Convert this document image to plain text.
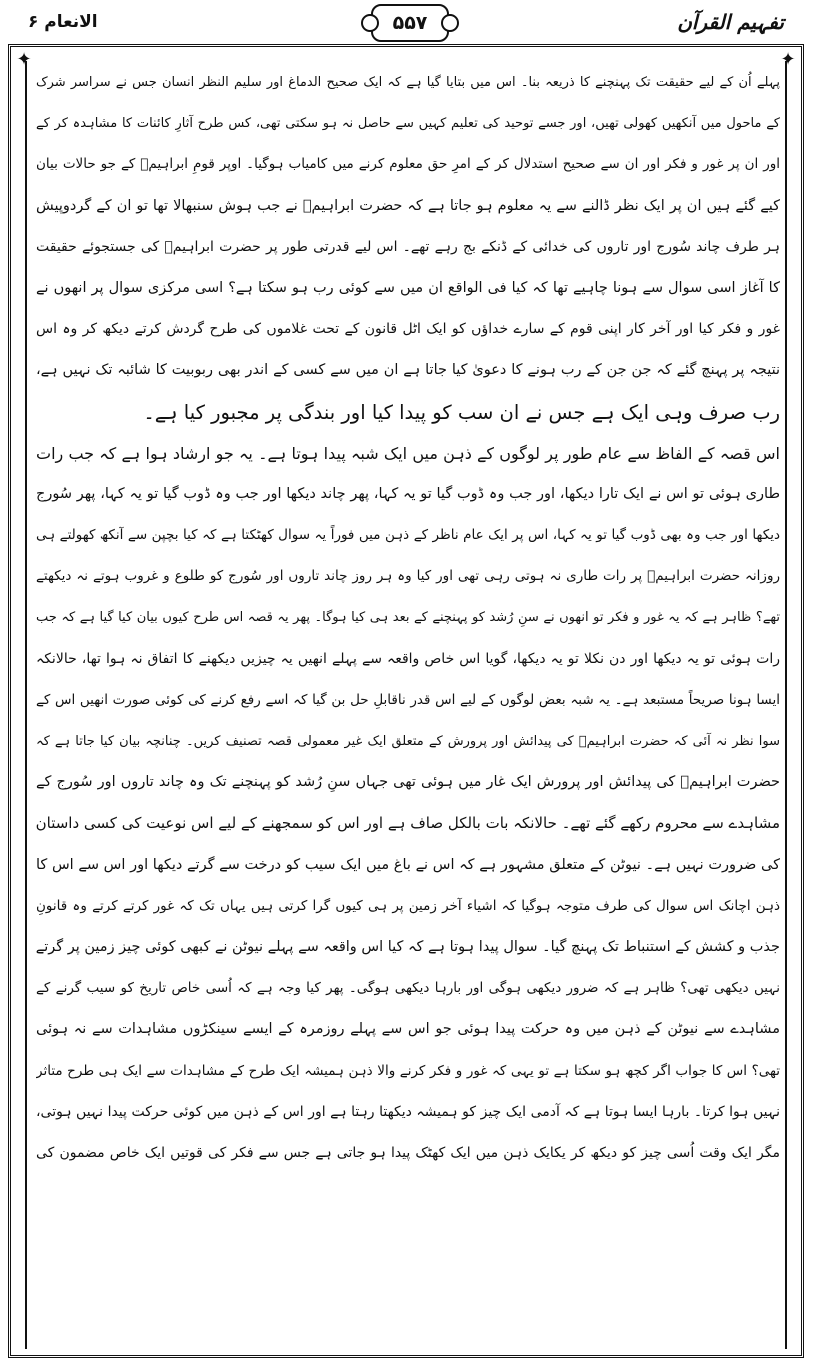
الانعام ۶	۵۵۷	تفہیم القرآن
✦	✦

پہلے اُن کے لیے حقیقت تک پہنچنے کا ذریعہ بنا۔ اس میں بتایا گیا ہے کہ ایک صحیح الدماغ اور سلیم النظر انسان جس نے سراسر شرک
کے ماحول میں آنکھیں کھولی تھیں، اور جسے توحید کی تعلیم کہیں سے حاصل نہ ہو سکتی تھی، کس طرح آثارِ کائنات کا مشاہدہ کر کے
اور ان پر غور و فکر اور ان سے صحیح استدلال کر کے امرِ حق معلوم کرنے میں کامیاب ہوگیا۔ اوپر قومِ ابراہیمؑ کے جو حالات بیان
کیے گئے ہیں ان پر ایک نظر ڈالنے سے یہ معلوم ہو جاتا ہے کہ حضرت ابراہیمؑ نے جب ہوش سنبھالا تھا تو ان کے گردوپیش
ہر طرف چاند سُورج اور تاروں کی خدائی کے ڈنکے بج رہے تھے۔ اس لیے قدرتی طور پر حضرت ابراہیمؑ کی جستجوئے حقیقت
کا آغاز اسی سوال سے ہونا چاہیے تھا کہ کیا فی الواقع ان میں سے کوئی رب ہو سکتا ہے؟ اسی مرکزی سوال پر انھوں نے
غور و فکر کیا اور آخر کار اپنی قوم کے سارے خداؤں کو ایک اٹل قانون کے تحت غلاموں کی طرح گردش کرتے دیکھ کر وہ اس
نتیجہ پر پہنچ گئے کہ جن جن کے رب ہونے کا دعویٰ کیا جاتا ہے ان میں سے کسی کے اندر بھی ربوبیت کا شائبہ تک نہیں ہے،
رب صرف وہی ایک ہے جس نے ان سب کو پیدا کیا اور بندگی پر مجبور کیا ہے۔

اس قصہ کے الفاظ سے عام طور پر لوگوں کے ذہن میں ایک شبہ پیدا ہوتا ہے۔ یہ جو ارشاد ہوا ہے کہ جب رات
طاری ہوئی تو اس نے ایک تارا دیکھا، اور جب وہ ڈوب گیا تو یہ کہا، پھر چاند دیکھا اور جب وہ ڈوب گیا تو یہ کہا، پھر سُورج
دیکھا اور جب وہ بھی ڈوب گیا تو یہ کہا، اس پر ایک عام ناظر کے ذہن میں فوراً یہ سوال کھٹکتا ہے کہ کیا بچپن سے آنکھ کھولتے ہی
روزانہ حضرت ابراہیمؑ پر رات طاری نہ ہوتی رہی تھی اور کیا وہ ہر روز چاند تاروں اور سُورج کو طلوع و غروب ہوتے نہ دیکھتے
تھے؟ ظاہر ہے کہ یہ غور و فکر تو انھوں نے سنِ رُشد کو پہنچنے کے بعد ہی کیا ہوگا۔ پھر یہ قصہ اس طرح کیوں بیان کیا گیا ہے کہ جب
رات ہوئی تو یہ دیکھا اور دن نکلا تو یہ دیکھا، گویا اس خاص واقعہ سے پہلے انھیں یہ چیزیں دیکھنے کا اتفاق نہ ہوا تھا، حالانکہ
ایسا ہونا صریحاً مستبعد ہے۔ یہ شبہ بعض لوگوں کے لیے اس قدر ناقابلِ حل بن گیا کہ اسے رفع کرنے کی کوئی صورت انھیں اس کے
سوا نظر نہ آئی کہ حضرت ابراہیمؑ کی پیدائش اور پرورش کے متعلق ایک غیر معمولی قصہ تصنیف کریں۔ چنانچہ بیان کیا جاتا ہے کہ
حضرت ابراہیمؑ کی پیدائش اور پرورش ایک غار میں ہوئی تھی جہاں سنِ رُشد کو پہنچنے تک وہ چاند تاروں اور سُورج کے
مشاہدے سے محروم رکھے گئے تھے۔ حالانکہ بات بالکل صاف ہے اور اس کو سمجھنے کے لیے اس نوعیت کی کسی داستان
کی ضرورت نہیں ہے۔ نیوٹن کے متعلق مشہور ہے کہ اس نے باغ میں ایک سیب کو درخت سے گرتے دیکھا اور اس سے اس کا
ذہن اچانک اس سوال کی طرف متوجہ ہوگیا کہ اشیاء آخر زمین پر ہی کیوں گرا کرتی ہیں یہاں تک کہ غور کرتے کرتے وہ قانونِ
جذب و کشش کے استنباط تک پہنچ گیا۔ سوال پیدا ہوتا ہے کہ کیا اس واقعہ سے پہلے نیوٹن نے کبھی کوئی چیز زمین پر گرتے
نہیں دیکھی تھی؟ ظاہر ہے کہ ضرور دیکھی ہوگی اور بارہا دیکھی ہوگی۔ پھر کیا وجہ ہے کہ اُسی خاص تاریخ کو سیب گرنے کے
مشاہدے سے نیوٹن کے ذہن میں وہ حرکت پیدا ہوئی جو اس سے پہلے روزمرہ کے ایسے سینکڑوں مشاہدات سے نہ ہوئی
تھی؟ اس کا جواب اگر کچھ ہو سکتا ہے تو یہی کہ غور و فکر کرنے والا ذہن ہمیشہ ایک طرح کے مشاہدات سے ایک ہی طرح متاثر
نہیں ہوا کرتا۔ بارہا ایسا ہوتا ہے کہ آدمی ایک چیز کو ہمیشہ دیکھتا رہتا ہے اور اس کے ذہن میں کوئی حرکت پیدا نہیں ہوتی،
مگر ایک وقت اُسی چیز کو دیکھ کر یکایک ذہن میں ایک کھٹک پیدا ہو جاتی ہے جس سے فکر کی قوتیں ایک خاص مضمون کی
